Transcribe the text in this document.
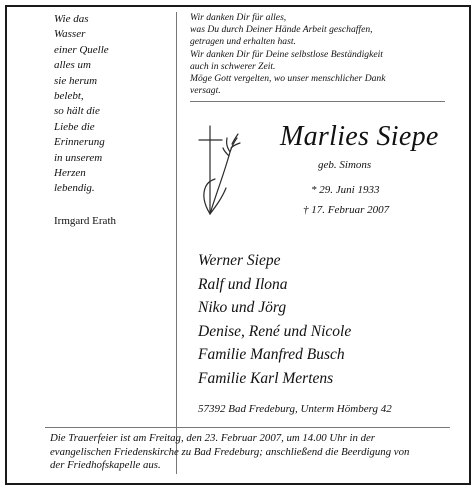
Wie das
Wasser
einer Quelle
alles um
sie herum
belebt,
so hält die
Liebe die
Erinnerung
in unserem
Herzen
lebendig.
Irmgard Erath
Wir danken Dir für alles,
was Du durch Deiner Hände Arbeit geschaffen,
getragen und erhalten hast.
Wir danken Dir für Deine selbstlose Beständigkeit
auch in schwerer Zeit.
Möge Gott vergelten, wo unser menschlicher Dank
versagt.
Marlies Siepe
geb. Simons
* 29. Juni 1933
† 17. Februar 2007
Werner Siepe
Ralf und Ilona
Niko und Jörg
Denise, René und Nicole
Familie Manfred Busch
Familie Karl Mertens
57392 Bad Fredeburg, Unterm Hömberg 42
Die Trauerfeier ist am Freitag, den 23. Februar 2007, um 14.00 Uhr in der
evangelischen Friedenskirche zu Bad Fredeburg; anschließend die Beerdigung von
der Friedhofskapelle aus.
